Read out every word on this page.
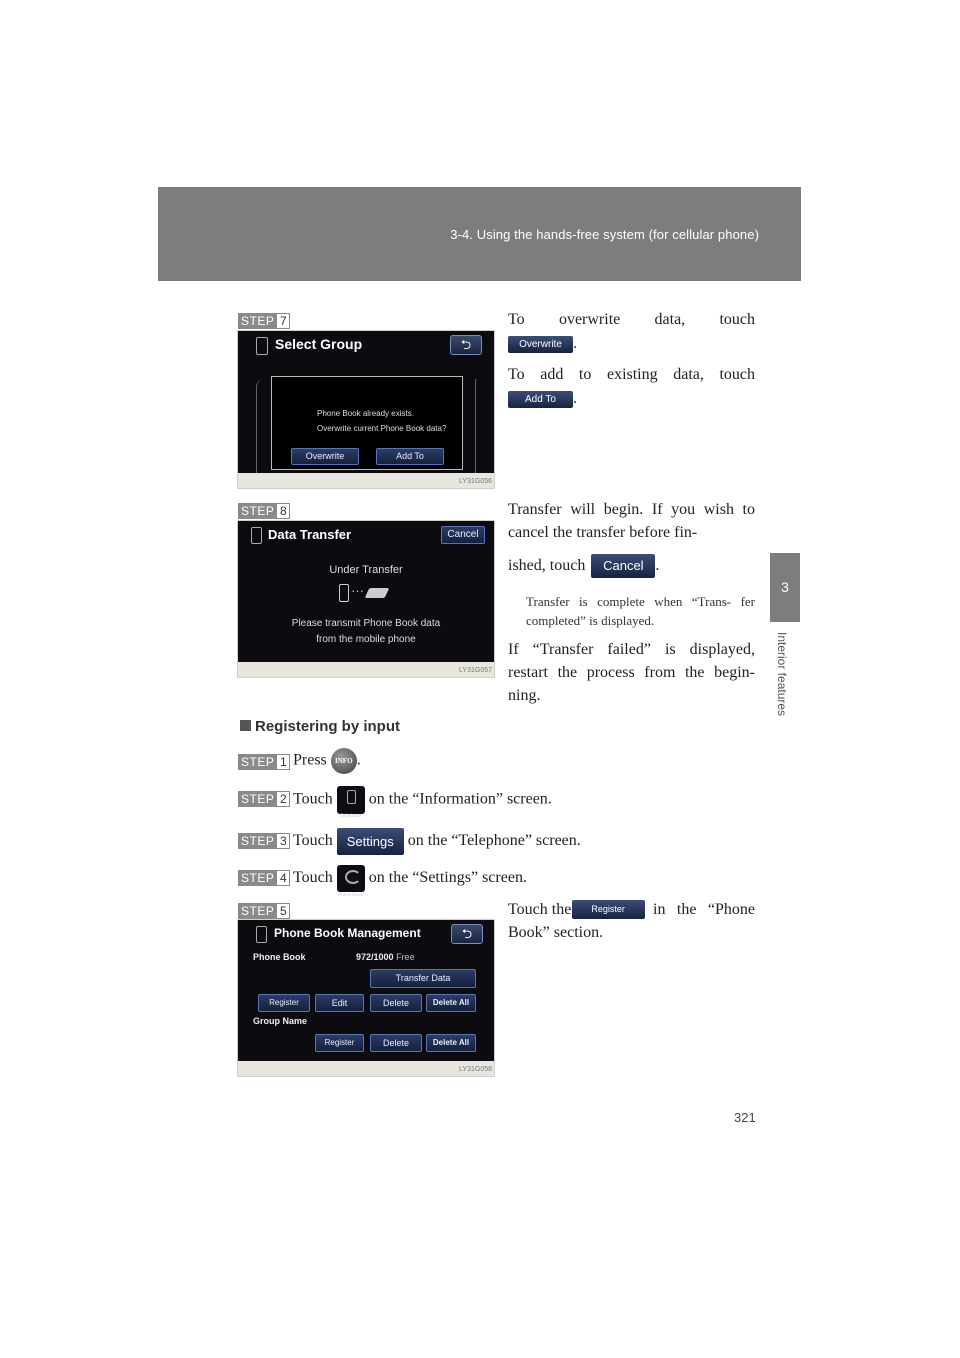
3-4. Using the hands-free system (for cellular phone)
3
Interior features
STEP 7
Select Group	⮌
Phone Book already exists.
Overwrite current Phone Book data?
Overwrite	Add To
LY31G056
To overwrite data, touch
Overwrite .
To add to existing data, touch
Add To .
STEP 8
Data Transfer	Cancel
Under Transfer
···
Please transmit Phone Book data
from the mobile phone
LY31G057
Transfer will begin. If you wish to cancel the transfer before fin-
ished, touch Cancel .
Transfer is complete when “Trans- fer completed” is displayed.
If “Transfer failed” is displayed, restart the process from the begin- ning.
Registering by input
STEP 1 Press INFO .
STEP 2 Touch
Telephone
on the “Information” screen.
STEP 3 Touch Settings on the “Telephone” screen.
STEP 4 Touch
Phone Book
on the “Settings” screen.
STEP 5
Phone Book Management	⮌
Phone Book	972/1000 Free
Transfer Data
Register	Edit	Delete	Delete All
Group Name
Register	Delete	Delete All
LY31G058
Touch the	Register	in the “Phone Book” section.
321
